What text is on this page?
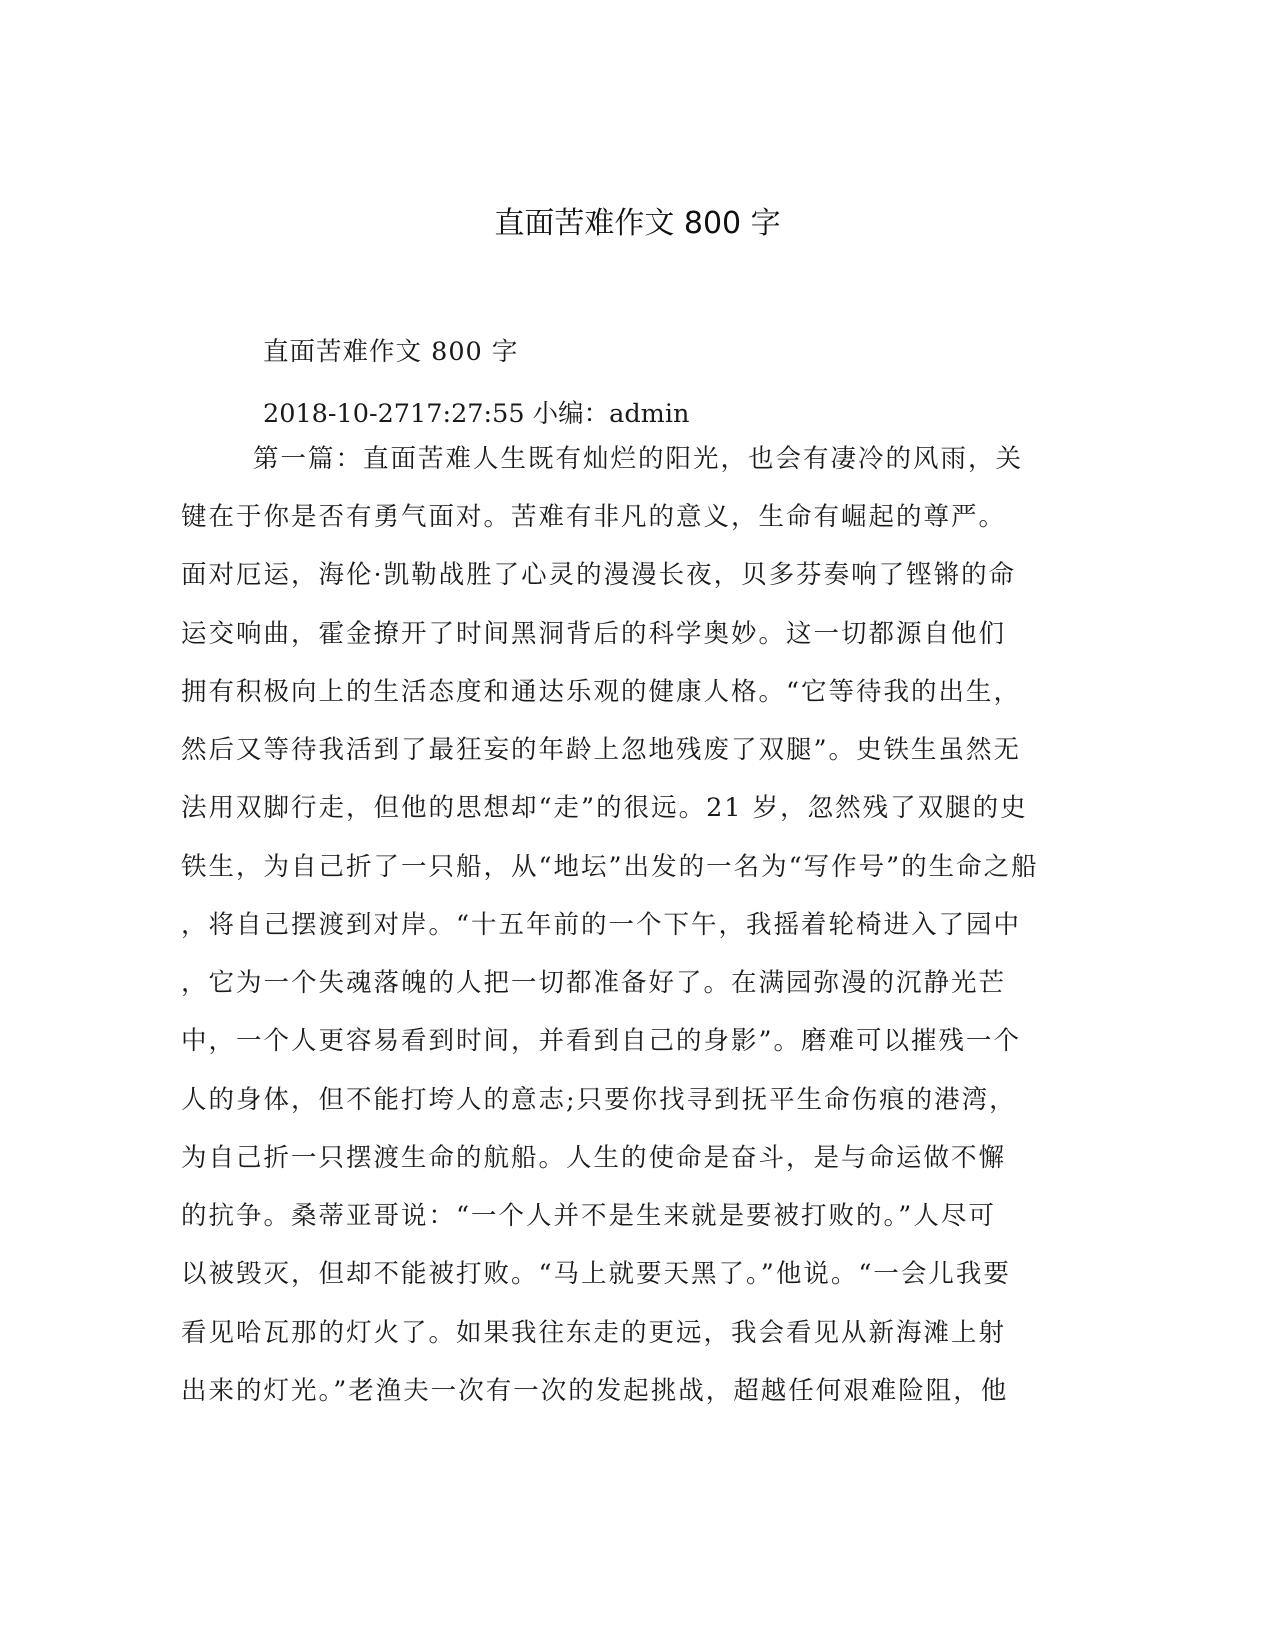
直面苦难作文 800 字
直面苦难作文 800 字
2018-10-2717:27:55 小编：admin
第一篇：直面苦难人生既有灿烂的阳光，也会有凄冷的风雨，关
键在于你是否有勇气面对。苦难有非凡的意义，生命有崛起的尊严。
面对厄运，海伦·凯勒战胜了心灵的漫漫长夜，贝多芬奏响了铿锵的命
运交响曲，霍金撩开了时间黑洞背后的科学奥妙。这一切都源自他们
拥有积极向上的生活态度和通达乐观的健康人格。“它等待我的出生，
然后又等待我活到了最狂妄的年龄上忽地残废了双腿”。史铁生虽然无
法用双脚行走，但他的思想却“走”的很远。21 岁，忽然残了双腿的史
铁生，为自己折了一只船，从“地坛”出发的一名为“写作号”的生命之船
，将自己摆渡到对岸。“十五年前的一个下午，我摇着轮椅进入了园中
，它为一个失魂落魄的人把一切都准备好了。在满园弥漫的沉静光芒
中，一个人更容易看到时间，并看到自己的身影”。磨难可以摧残一个
人的身体，但不能打垮人的意志;只要你找寻到抚平生命伤痕的港湾，
为自己折一只摆渡生命的航船。人生的使命是奋斗，是与命运做不懈
的抗争。桑蒂亚哥说：“一个人并不是生来就是要被打败的。”人尽可
以被毁灭，但却不能被打败。“马上就要天黑了。”他说。“一会儿我要
看见哈瓦那的灯火了。如果我往东走的更远，我会看见从新海滩上射
出来的灯光。”老渔夫一次有一次的发起挑战，超越任何艰难险阻，他
